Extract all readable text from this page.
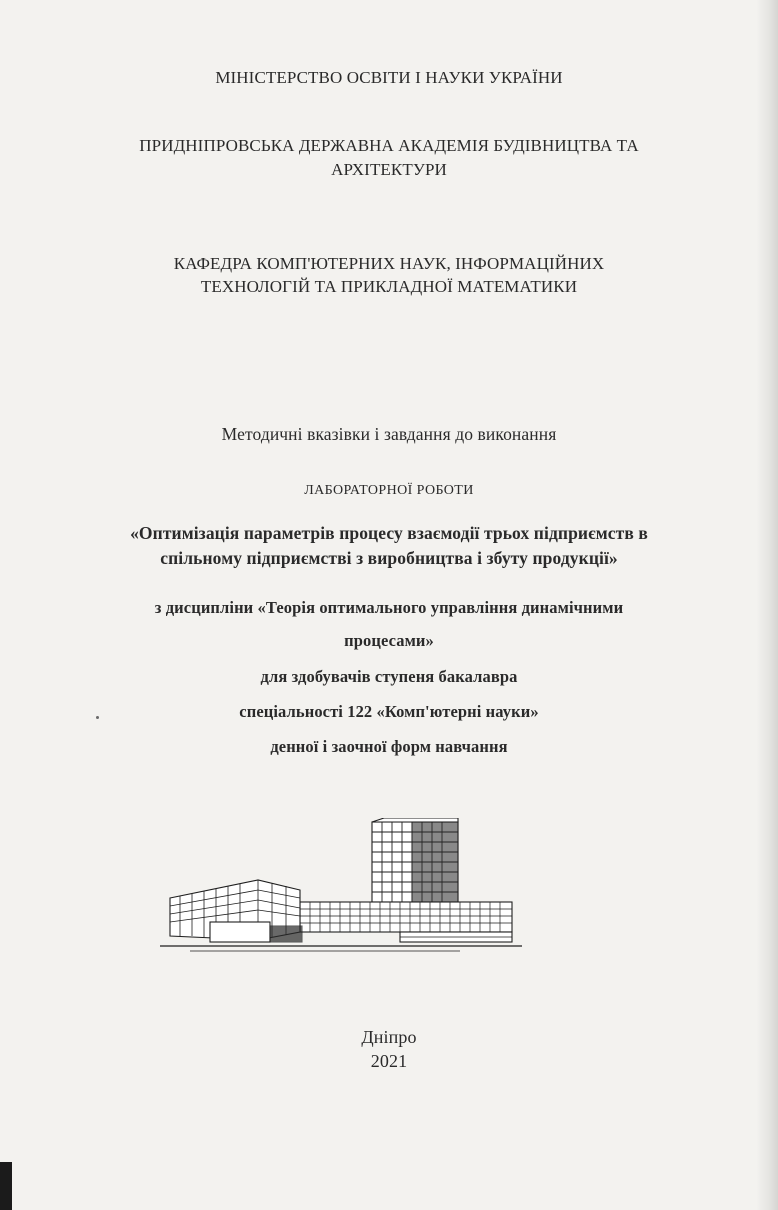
МІНІСТЕРСТВО ОСВІТИ І НАУКИ УКРАЇНИ
ПРИДНІПРОВСЬКА ДЕРЖАВНА АКАДЕМІЯ БУДІВНИЦТВА ТА
АРХІТЕКТУРИ
КАФЕДРА КОМП'ЮТЕРНИХ НАУК, ІНФОРМАЦІЙНИХ
ТЕХНОЛОГІЙ ТА ПРИКЛАДНОЇ МАТЕМАТИКИ
Методичні вказівки і завдання до виконання
ЛАБОРАТОРНОЇ РОБОТИ
«Оптимізація параметрів процесу взаємодії трьох підприємств в
спільному підприємстві з виробництва і збуту продукції»
з дисципліни «Теорія оптимального управління динамічними
процесами»
для здобувачів ступеня бакалавра
спеціальності 122 «Комп'ютерні науки»
денної і заочної форм навчання
Дніпро
2021
